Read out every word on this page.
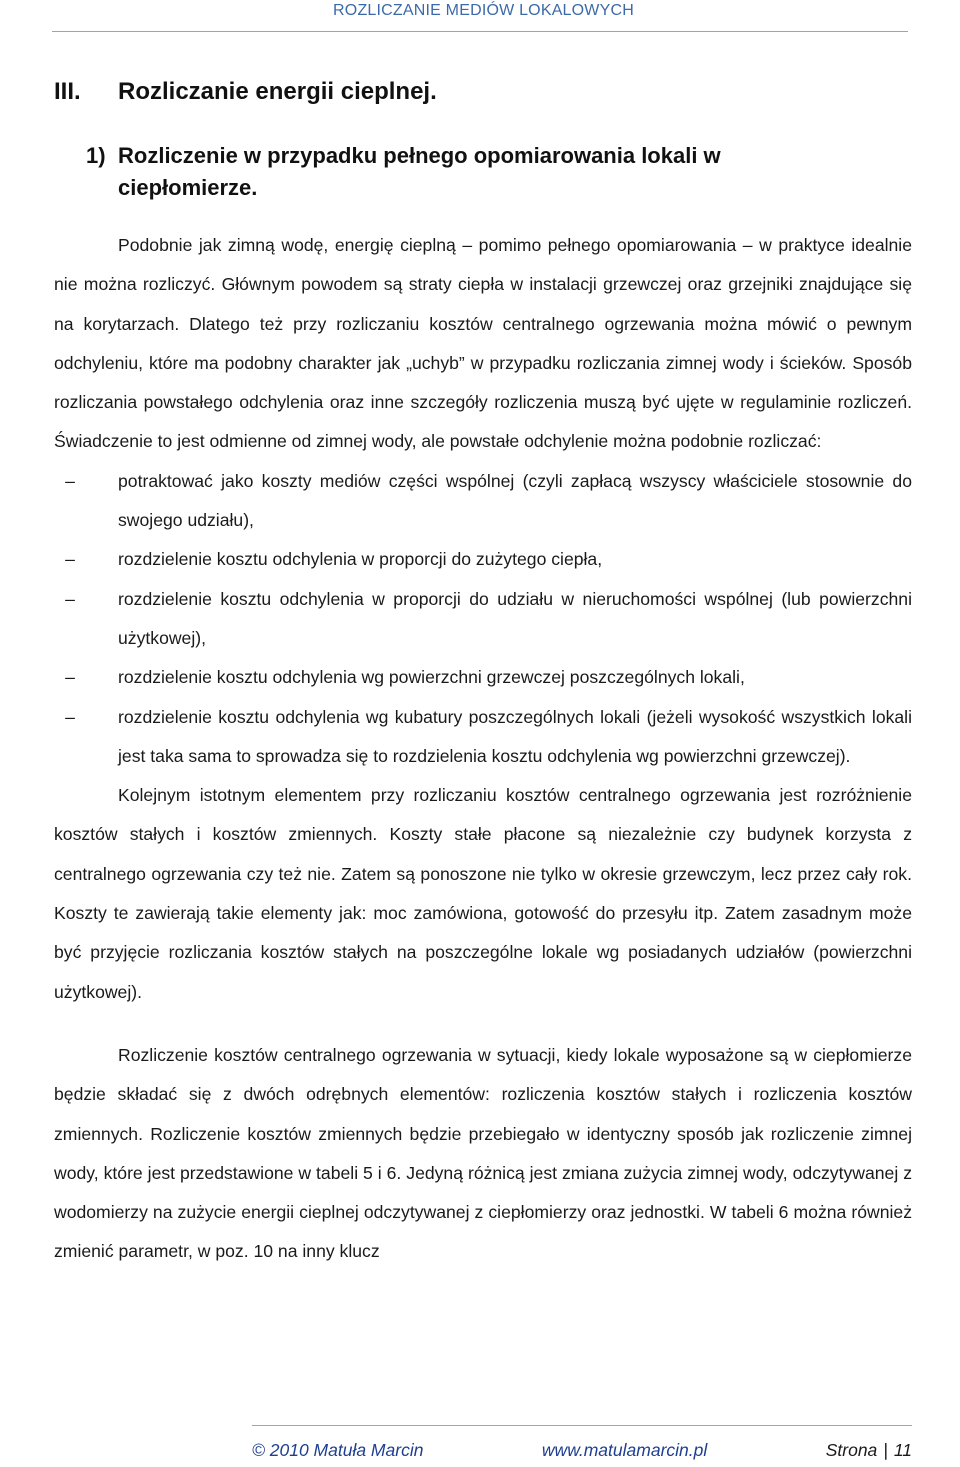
ROZLICZANIE MEDIÓW LOKALOWYCH
III. Rozliczanie energii cieplnej.
1) Rozliczenie w przypadku pełnego opomiarowania lokali w ciepłomierze.

Podobnie jak zimną wodę, energię cieplną – pomimo pełnego opomiarowania – w praktyce idealnie nie można rozliczyć. Głównym powodem są straty ciepła w instalacji grzewczej oraz grzejniki znajdujące się na korytarzach. Dlatego też przy rozliczaniu kosztów centralnego ogrzewania można mówić o pewnym odchyleniu, które ma podobny charakter jak „uchyb” w przypadku rozliczania zimnej wody i ścieków. Sposób rozliczania powstałego odchylenia oraz inne szczegóły rozliczenia muszą być ujęte w regulaminie rozliczeń. Świadczenie to jest odmienne od zimnej wody, ale powstałe odchylenie można podobnie rozliczać:

–	potraktować jako koszty mediów części wspólnej (czyli zapłacą wszyscy właściciele stosownie do swojego udziału),
–	rozdzielenie kosztu odchylenia w proporcji do zużytego ciepła,
–	rozdzielenie kosztu odchylenia w proporcji do udziału w nieruchomości wspólnej (lub powierzchni użytkowej),
–	rozdzielenie kosztu odchylenia wg powierzchni grzewczej poszczególnych lokali,
–	rozdzielenie kosztu odchylenia wg kubatury poszczególnych lokali (jeżeli wysokość wszystkich lokali jest taka sama to sprowadza się to rozdzielenia kosztu odchylenia wg powierzchni grzewczej).

Kolejnym istotnym elementem przy rozliczaniu kosztów centralnego ogrzewania jest rozróżnienie kosztów stałych i kosztów zmiennych. Koszty stałe płacone są niezależnie czy budynek korzysta z centralnego ogrzewania czy też nie. Zatem są ponoszone nie tylko w okresie grzewczym, lecz przez cały rok. Koszty te zawierają takie elementy jak: moc zamówiona, gotowość do przesyłu itp. Zatem zasadnym może być przyjęcie rozliczania kosztów stałych na poszczególne lokale wg posiadanych udziałów (powierzchni użytkowej).

Rozliczenie kosztów centralnego ogrzewania w sytuacji, kiedy lokale wyposażone są w ciepłomierze będzie składać się z dwóch odrębnych elementów: rozliczenia kosztów stałych i rozliczenia kosztów zmiennych. Rozliczenie kosztów zmiennych będzie przebiegało w identyczny sposób jak rozliczenie zimnej wody, które jest przedstawione w tabeli 5 i 6. Jedyną różnicą jest zmiana zużycia zimnej wody, odczytywanej z wodomierzy na zużycie energii cieplnej odczytywanej z ciepłomierzy oraz jednostki. W tabeli 6 można również zmienić parametr, w poz. 10 na inny klucz

© 2010 Matuła Marcin	www.matulamarcin.pl	Strona | 11
